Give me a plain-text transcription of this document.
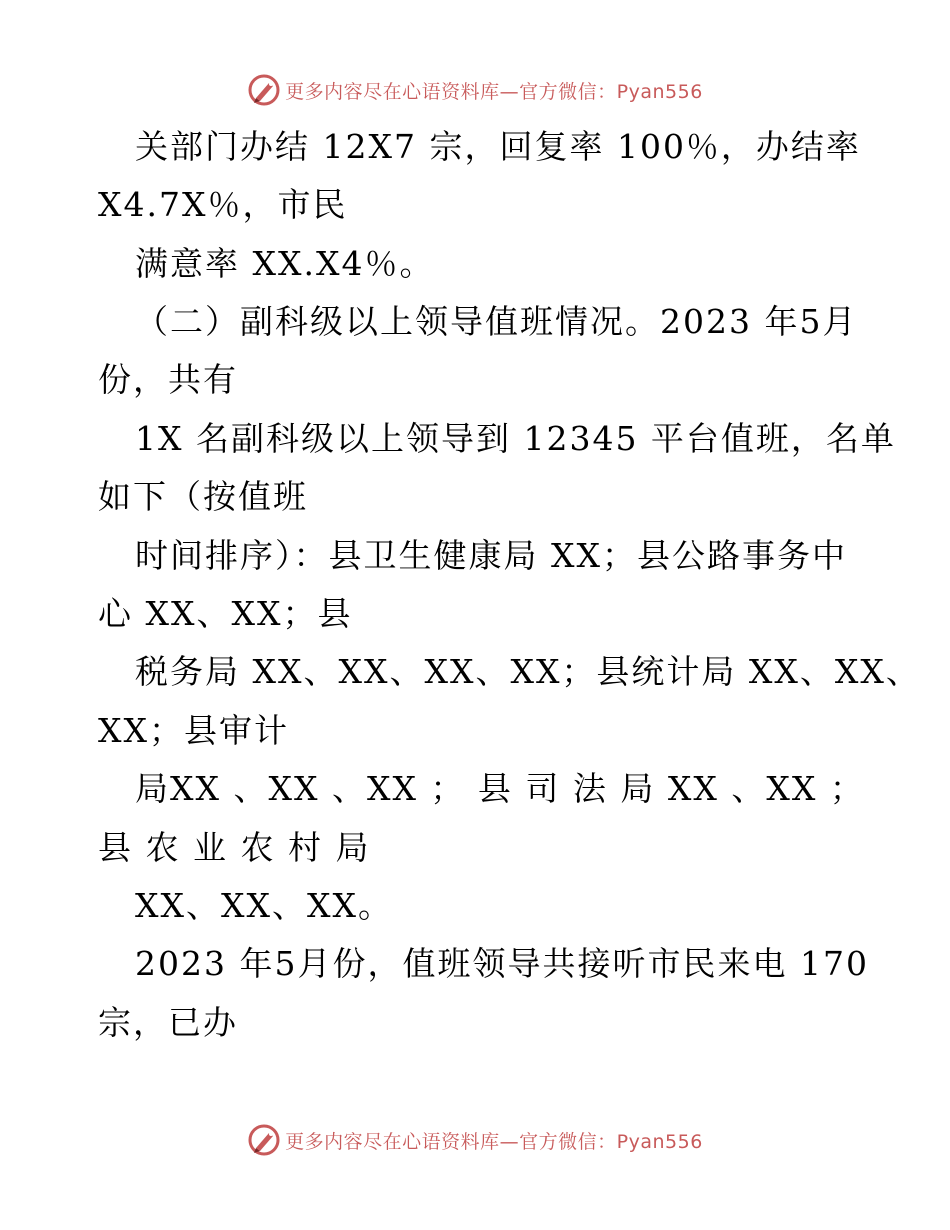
更多内容尽在心语资料库—官方微信：Pyan556
关部门办结 12X7 宗，回复率 100％，办结率
X4.7X％，市民
满意率 XX.X4％。
（二）副科级以上领导值班情况。2023 年5月
份，共有
1X 名副科级以上领导到 12345 平台值班，名单
如下（按值班
时间排序）：县卫生健康局 XX；县公路事务中
心 XX、XX；县
税务局 XX、XX、XX、XX；县统计局 XX、XX、
XX；县审计
局XX 、XX 、XX ； 县 司 法 局 XX 、XX ；
县 农 业 农 村 局
XX、XX、XX。
2023 年5月份，值班领导共接听市民来电 170
宗，已办
更多内容尽在心语资料库—官方微信：Pyan556
